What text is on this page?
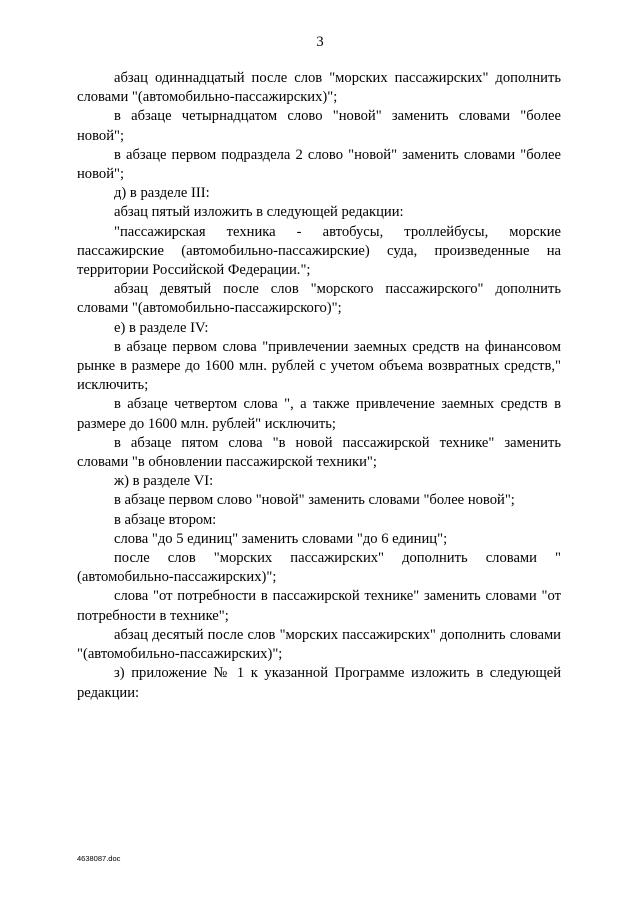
3

абзац одиннадцатый после слов "морских пассажирских" дополнить словами "(автомобильно-пассажирских)";

в абзаце четырнадцатом слово "новой" заменить словами "более новой";

в абзаце первом подраздела 2 слово "новой" заменить словами "более новой";

д) в разделе III:

абзац пятый изложить в следующей редакции:

"пассажирская техника - автобусы, троллейбусы, морские пассажирские (автомобильно-пассажирские) суда, произведенные на территории Российской Федерации.";

абзац девятый после слов "морского пассажирского" дополнить словами "(автомобильно-пассажирского)";

е) в разделе IV:

в абзаце первом слова "привлечении заемных средств на финансовом рынке в размере до 1600 млн. рублей с учетом объема возвратных средств," исключить;

в абзаце четвертом слова ", а также привлечение заемных средств в размере до 1600 млн. рублей" исключить;

в абзаце пятом слова "в новой пассажирской технике" заменить словами "в обновлении пассажирской техники";

ж) в разделе VI:

в абзаце первом слово "новой" заменить словами "более новой";

в абзаце втором:

слова "до 5 единиц" заменить словами "до 6 единиц";

после слов "морских пассажирских" дополнить словами "(автомобильно-пассажирских)";

слова "от потребности в пассажирской технике" заменить словами "от потребности в технике";

абзац десятый после слов "морских пассажирских" дополнить словами "(автомобильно-пассажирских)";

з) приложение № 1 к указанной Программе изложить в следующей редакции:

4638087.doc
